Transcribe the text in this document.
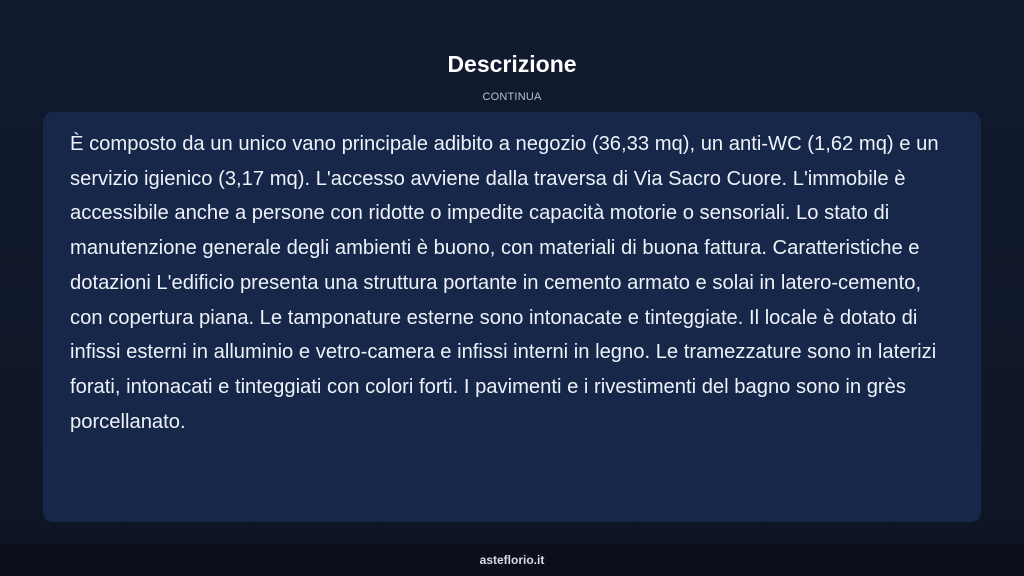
Descrizione
CONTINUA

È composto da un unico vano principale adibito a negozio (36,33 mq), un anti-WC (1,62 mq) e un servizio igienico (3,17 mq). L'accesso avviene dalla traversa di Via Sacro Cuore. L'immobile è accessibile anche a persone con ridotte o impedite capacità motorie o sensoriali. Lo stato di manutenzione generale degli ambienti è buono, con materiali di buona fattura. Caratteristiche e dotazioni L'edificio presenta una struttura portante in cemento armato e solai in latero-cemento, con copertura piana. Le tamponature esterne sono intonacate e tinteggiate. Il locale è dotato di infissi esterni in alluminio e vetro-camera e infissi interni in legno. Le tramezzature sono in laterizi forati, intonacati e tinteggiati con colori forti. I pavimenti e i rivestimenti del bagno sono in grès porcellanato.

asteflorio.it
